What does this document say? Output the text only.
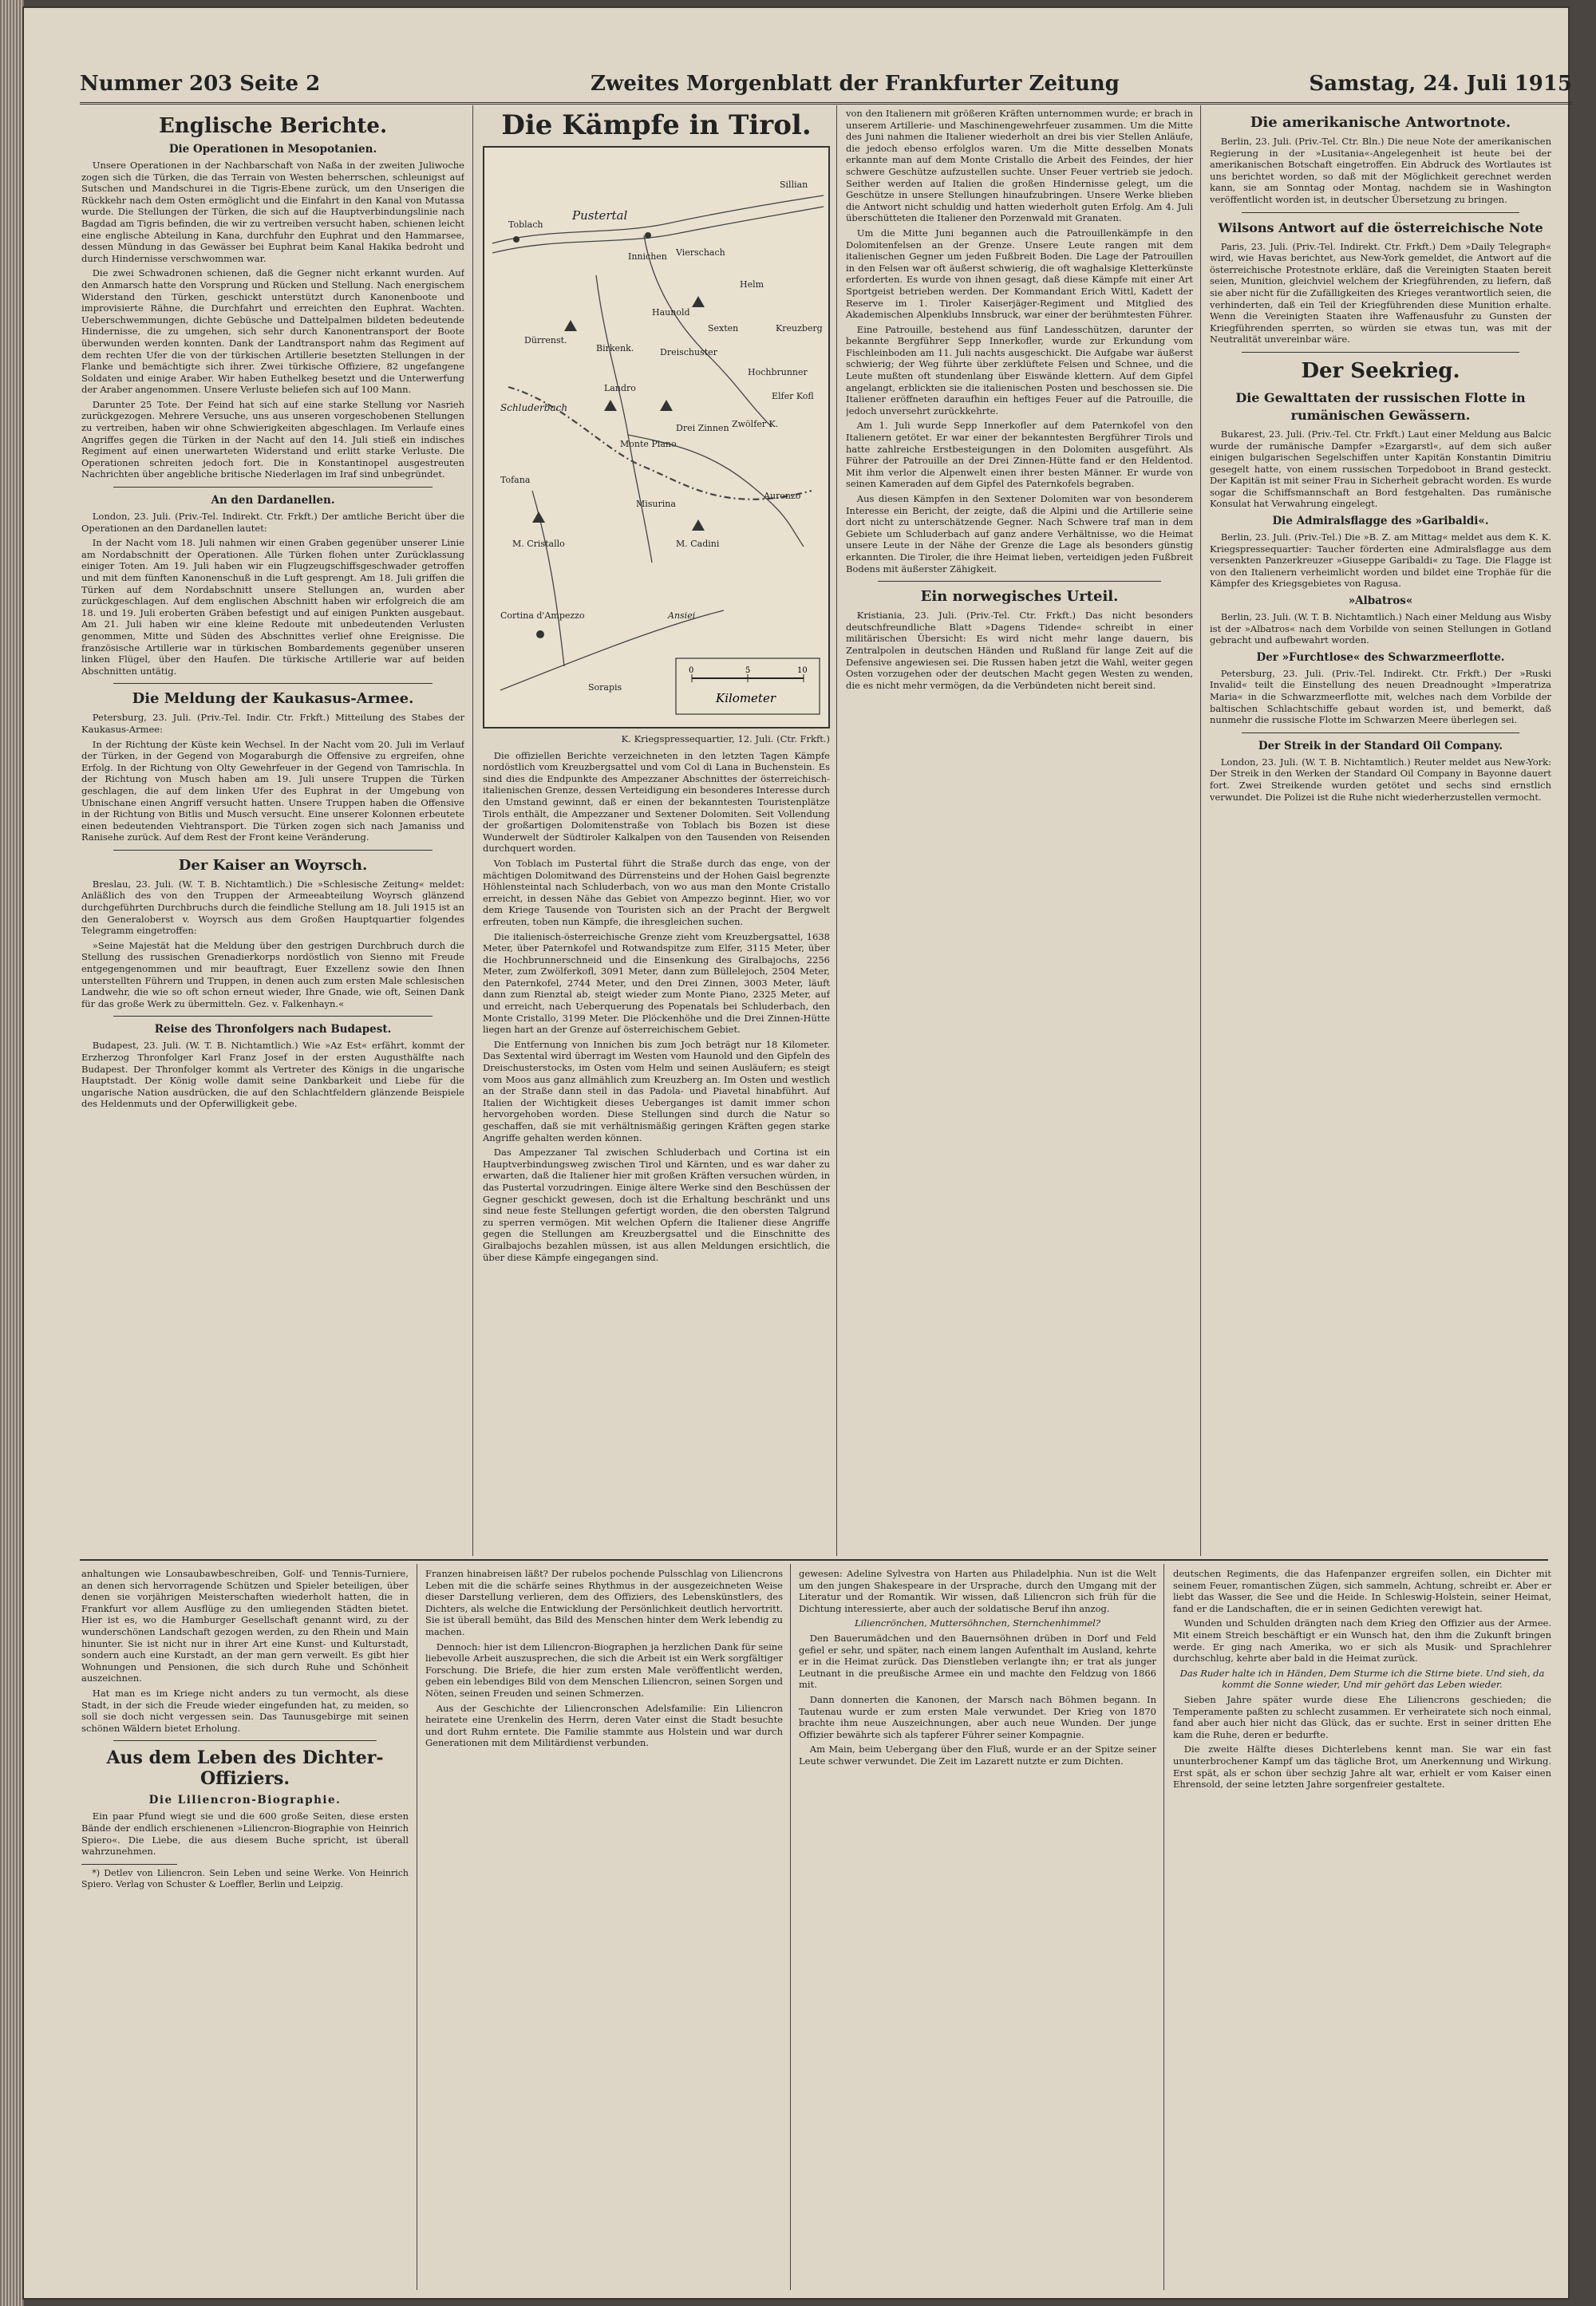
Nummer 203 Seite 2	Zweites Morgenblatt der Frankfurter Zeitung	Samstag, 24. Juli 1915
Englische Berichte.
Die Operationen in Mesopotanien.

Unsere Operationen in der Nachbarschaft von Naßa in der zweiten Juliwoche zogen sich die Türken, die das Terrain von Westen beherrschen, schleunigst auf Sutschen und Mandschurei in die Tigris-Ebene zurück, um den Unserigen die Rückkehr nach dem Osten ermöglicht und die Einfahrt in den Kanal von Mutassa wurde. Die Stellungen der Türken, die sich auf die Hauptverbindungslinie nach Bagdad am Tigris befinden, die wir zu vertreiben versucht haben, schienen leicht eine englische Abteilung in Kana, durchfuhr den Euphrat und den Hammarsee, dessen Mündung in das Gewässer bei Euphrat beim Kanal Hakika bedroht und durch Hindernisse verschwommen war.

Die zwei Schwadronen schienen, daß die Gegner nicht erkannt wurden. Auf den Anmarsch hatte den Vorsprung und Rücken und Stellung. Nach energischem Widerstand den Türken, geschickt unterstützt durch Kanonenboote und improvisierte Rähne, die Durchfahrt und erreichten den Euphrat. Wachten. Ueberschwemmungen, dichte Gebüsche und Dattelpalmen bildeten bedeutende Hindernisse, die zu umgehen, sich sehr durch Kanonentransport der Boote überwunden werden konnten. Dank der Landtransport nahm das Regiment auf dem rechten Ufer die von der türkischen Artillerie besetzten Stellungen in der Flanke und bemächtigte sich ihrer. Zwei türkische Offiziere, 82 ungefangene Soldaten und einige Araber. Wir haben Euthelkeg besetzt und die Unterwerfung der Araber angenommen. Unsere Verluste beliefen sich auf 100 Mann.

Darunter 25 Tote. Der Feind hat sich auf eine starke Stellung vor Nasrieh zurückgezogen. Mehrere Versuche, uns aus unseren vorgeschobenen Stellungen zu vertreiben, haben wir ohne Schwierigkeiten abgeschlagen. Im Verlaufe eines Angriffes gegen die Türken in der Nacht auf den 14. Juli stieß ein indisches Regiment auf einen unerwarteten Widerstand und erlitt starke Verluste. Die Operationen schreiten jedoch fort. Die in Konstantinopel ausgestreuten Nachrichten über angebliche britische Niederlagen im Iraf sind unbegründet.

An den Dardanellen.

London, 23. Juli. (Priv.-Tel. Indirekt. Ctr. Frkft.) Der amtliche Bericht über die Operationen an den Dardanellen lautet:

In der Nacht vom 18. Juli nahmen wir einen Graben gegenüber unserer Linie am Nordabschnitt der Operationen. Alle Türken flohen unter Zurücklassung einiger Toten. Am 19. Juli haben wir ein Flugzeugschiffsgeschwader getroffen und mit dem fünften Kanonenschuß in die Luft gesprengt. Am 18. Juli griffen die Türken auf dem Nordabschnitt unsere Stellungen an, wurden aber zurückgeschlagen. Auf dem englischen Abschnitt haben wir erfolgreich die am 18. und 19. Juli eroberten Gräben befestigt und auf einigen Punkten ausgebaut. Am 21. Juli haben wir eine kleine Redoute mit unbedeutenden Verlusten genommen, Mitte und Süden des Abschnittes verlief ohne Ereignisse. Die französische Artillerie war in türkischen Bombardements gegenüber unseren linken Flügel, über den Haufen. Die türkische Artillerie war auf beiden Abschnitten untätig.

Die Meldung der Kaukasus-Armee.

Petersburg, 23. Juli. (Priv.-Tel. Indir. Ctr. Frkft.) Mitteilung des Stabes der Kaukasus-Armee:

In der Richtung der Küste kein Wechsel. In der Nacht vom 20. Juli im Verlauf der Türken, in der Gegend von Mogaraburgh die Offensive zu ergreifen, ohne Erfolg. In der Richtung von Olty Gewehrfeuer in der Gegend von Tamrischla. In der Richtung von Musch haben am 19. Juli unsere Truppen die Türken geschlagen, die auf dem linken Ufer des Euphrat in der Umgebung von Ubnischane einen Angriff versucht hatten. Unsere Truppen haben die Offensive in der Richtung von Bitlis und Musch versucht. Eine unserer Kolonnen erbeutete einen bedeutenden Viehtransport. Die Türken zogen sich nach Jamaniss und Ranisehe zurück. Auf dem Rest der Front keine Veränderung.

Der Kaiser an Woyrsch.

Breslau, 23. Juli. (W. T. B. Nichtamtlich.) Die »Schlesische Zeitung« meldet: Anläßlich des von den Truppen der Armeeabteilung Woyrsch glänzend durchgeführten Durchbruchs durch die feindliche Stellung am 18. Juli 1915 ist an den Generaloberst v. Woyrsch aus dem Großen Hauptquartier folgendes Telegramm eingetroffen:

»Seine Majestät hat die Meldung über den gestrigen Durchbruch durch die Stellung des russischen Grenadierkorps nordöstlich von Sienno mit Freude entgegengenommen und mir beauftragt, Euer Exzellenz sowie den Ihnen unterstellten Führern und Truppen, in denen auch zum ersten Male schlesischen Landwehr, die wie so oft schon erneut wieder, Ihre Gnade, wie oft, Seinen Dank für das große Werk zu übermitteln. Gez. v. Falkenhayn.«

Reise des Thronfolgers nach Budapest.

Budapest, 23. Juli. (W. T. B. Nichtamtlich.) Wie »Az Est« erfährt, kommt der Erzherzog Thronfolger Karl Franz Josef in der ersten Augusthälfte nach Budapest. Der Thronfolger kommt als Vertreter des Königs in die ungarische Hauptstadt. Der König wolle damit seine Dankbarkeit und Liebe für die ungarische Nation ausdrücken, die auf den Schlachtfeldern glänzende Beispiele des Heldenmuts und der Opferwilligkeit gebe.

Die Kämpfe in Tirol.
Toblach
Pustertal
Sillian
Innichen Vierschach
Sexten
Helm
Hochbrunner
Haunold
Kreuzberg
Dreischuster
Birkenk.
Schluderbach
Dürrenst.
Monte Piano
Drei Zinnen Zwölfer K.
Elfer Kofl
Landro
Misurina
M. Cristallo	M. Cadini
Cortina d'Ampezzo
Tofana
Sorapis
Auronzo
Ansiei
0	5	10
Kilometer
K. Kriegspressequartier, 12. Juli. (Ctr. Frkft.)

Die offiziellen Berichte verzeichneten in den letzten Tagen Kämpfe nordöstlich vom Kreuzbergsattel und vom Col di Lana in Buchenstein. Es sind dies die Endpunkte des Ampezzaner Abschnittes der österreichisch-italienischen Grenze, dessen Verteidigung ein besonderes Interesse durch den Umstand gewinnt, daß er einen der bekanntesten Touristenplätze Tirols enthält, die Ampezzaner und Sextener Dolomiten. Seit Vollendung der großartigen Dolomitenstraße von Toblach bis Bozen ist diese Wunderwelt der Südtiroler Kalkalpen von den Tausenden von Reisenden durchquert worden.

Von Toblach im Pustertal führt die Straße durch das enge, von der mächtigen Dolomitwand des Dürrensteins und der Hohen Gaisl begrenzte Höhlensteintal nach Schluderbach, von wo aus man den Monte Cristallo erreicht, in dessen Nähe das Gebiet von Ampezzo beginnt. Hier, wo vor dem Kriege Tausende von Touristen sich an der Pracht der Bergwelt erfreuten, toben nun Kämpfe, die ihresgleichen suchen.

Die italienisch-österreichische Grenze zieht vom Kreuzbergsattel, 1638 Meter, über Paternkofel und Rotwandspitze zum Elfer, 3115 Meter, über die Hochbrunnerschneid und die Einsenkung des Giralbajochs, 2256 Meter, zum Zwölferkofl, 3091 Meter, dann zum Büllelejoch, 2504 Meter, den Paternkofel, 2744 Meter, und den Drei Zinnen, 3003 Meter, läuft dann zum Rienztal ab, steigt wieder zum Monte Piano, 2325 Meter, auf und erreicht, nach Ueberquerung des Popenatals bei Schluderbach, den Monte Cristallo, 3199 Meter. Die Plöckenhöhe und die Drei Zinnen-Hütte liegen hart an der Grenze auf österreichischem Gebiet.

Die Entfernung von Innichen bis zum Joch beträgt nur 18 Kilometer. Das Sextental wird überragt im Westen vom Haunold und den Gipfeln des Dreischusterstocks, im Osten vom Helm und seinen Ausläufern; es steigt vom Moos aus ganz allmählich zum Kreuzberg an. Im Osten und westlich an der Straße dann steil in das Padola- und Piavetal hinabführt. Auf Italien der Wichtigkeit dieses Ueberganges ist damit immer schon hervorgehoben worden. Diese Stellungen sind durch die Natur so geschaffen, daß sie mit verhältnismäßig geringen Kräften gegen starke Angriffe gehalten werden können.

Das Ampezzaner Tal zwischen Schluderbach und Cortina ist ein Hauptverbindungsweg zwischen Tirol und Kärnten, und es war daher zu erwarten, daß die Italiener hier mit großen Kräften versuchen würden, in das Pustertal vorzudringen. Einige ältere Werke sind den Beschüssen der Gegner geschickt gewesen, doch ist die Erhaltung beschränkt und uns sind neue feste Stellungen gefertigt worden, die den obersten Talgrund zu sperren vermögen. Mit welchen Opfern die Italiener diese Angriffe gegen die Stellungen am Kreuzbergsattel und die Einschnitte des Giralbajochs bezahlen müssen, ist aus allen Meldungen ersichtlich, die über diese Kämpfe eingegangen sind.

von den Italienern mit größeren Kräften unternommen wurde; er brach in unserem Artillerie- und Maschinengewehrfeuer zusammen. Um die Mitte des Juni nahmen die Italiener wiederholt an drei bis vier Stellen Anläufe, die jedoch ebenso erfolglos waren. Um die Mitte desselben Monats erkannte man auf dem Monte Cristallo die Arbeit des Feindes, der hier schwere Geschütze aufzustellen suchte. Unser Feuer vertrieb sie jedoch. Seither werden auf Italien die großen Hindernisse gelegt, um die Geschütze in unsere Stellungen hinaufzubringen. Unsere Werke blieben die Antwort nicht schuldig und hatten wiederholt guten Erfolg. Am 4. Juli überschütteten die Italiener den Porzenwald mit Granaten.

Um die Mitte Juni begannen auch die Patrouillenkämpfe in den Dolomitenfelsen an der Grenze. Unsere Leute rangen mit dem italienischen Gegner um jeden Fußbreit Boden. Die Lage der Patrouillen in den Felsen war oft äußerst schwierig, die oft waghalsige Kletterkünste erforderten. Es wurde von ihnen gesagt, daß diese Kämpfe mit einer Art Sportgeist betrieben werden. Der Kommandant Erich Wittl, Kadett der Reserve im 1. Tiroler Kaiserjäger-Regiment und Mitglied des Akademischen Alpenklubs Innsbruck, war einer der berühmtesten Führer.

Eine Patrouille, bestehend aus fünf Landesschützen, darunter der bekannte Bergführer Sepp Innerkofler, wurde zur Erkundung vom Fischleinboden am 11. Juli nachts ausgeschickt. Die Aufgabe war äußerst schwierig; der Weg führte über zerklüftete Felsen und Schnee, und die Leute mußten oft stundenlang über Eiswände klettern. Auf dem Gipfel angelangt, erblickten sie die italienischen Posten und beschossen sie. Die Italiener eröffneten daraufhin ein heftiges Feuer auf die Patrouille, die jedoch unversehrt zurückkehrte.

Am 1. Juli wurde Sepp Innerkofler auf dem Paternkofel von den Italienern getötet. Er war einer der bekanntesten Bergführer Tirols und hatte zahlreiche Erstbesteigungen in den Dolomiten ausgeführt. Als Führer der Patrouille an der Drei Zinnen-Hütte fand er den Heldentod. Mit ihm verlor die Alpenwelt einen ihrer besten Männer. Er wurde von seinen Kameraden auf dem Gipfel des Paternkofels begraben.

Aus diesen Kämpfen in den Sextener Dolomiten war von besonderem Interesse ein Bericht, der zeigte, daß die Alpini und die Artillerie seine dort nicht zu unterschätzende Gegner. Nach Schwere traf man in dem Gebiete um Schluderbach auf ganz andere Verhältnisse, wo die Heimat unsere Leute in der Nähe der Grenze die Lage als besonders günstig erkannten. Die Tiroler, die ihre Heimat lieben, verteidigen jeden Fußbreit Bodens mit äußerster Zähigkeit.

Ein norwegisches Urteil.

Kristiania, 23. Juli. (Priv.-Tel. Ctr. Frkft.) Das nicht besonders deutschfreundliche Blatt »Dagens Tidende« schreibt in einer militärischen Übersicht: Es wird nicht mehr lange dauern, bis Zentralpolen in deutschen Händen und Rußland für lange Zeit auf die Defensive angewiesen sei. Die Russen haben jetzt die Wahl, weiter gegen Osten vorzugehen oder der deutschen Macht gegen Westen zu wenden, die es nicht mehr vermögen, da die Verbündeten nicht bereit sind.

Die amerikanische Antwortnote.

Berlin, 23. Juli. (Priv.-Tel. Ctr. Bln.) Die neue Note der amerikanischen Regierung in der »Lusitania«-Angelegenheit ist heute bei der amerikanischen Botschaft eingetroffen. Ein Abdruck des Wortlautes ist uns berichtet worden, so daß mit der Möglichkeit gerechnet werden kann, sie am Sonntag oder Montag, nachdem sie in Washington veröffentlicht worden ist, in deutscher Übersetzung zu bringen.

Wilsons Antwort auf die österreichische Note

Paris, 23. Juli. (Priv.-Tel. Indirekt. Ctr. Frkft.) Dem »Daily Telegraph« wird, wie Havas berichtet, aus New-York gemeldet, die Antwort auf die österreichische Protestnote erkläre, daß die Vereinigten Staaten bereit seien, Munition, gleichviel welchem der Kriegführenden, zu liefern, daß sie aber nicht für die Zufälligkeiten des Krieges verantwortlich seien, die verhinderten, daß ein Teil der Kriegführenden diese Munition erhalte. Wenn die Vereinigten Staaten ihre Waffenausfuhr zu Gunsten der Kriegführenden sperrten, so würden sie etwas tun, was mit der Neutralität unvereinbar wäre.

Der Seekrieg.
Die Gewalttaten der russischen Flotte in rumänischen Gewässern.

Bukarest, 23. Juli. (Priv.-Tel. Ctr. Frkft.) Laut einer Meldung aus Balcic wurde der rumänische Dampfer »Ezargarstl«, auf dem sich außer einigen bulgarischen Segelschiffen unter Kapitän Konstantin Dimitriu gesegelt hatte, von einem russischen Torpedoboot in Brand gesteckt. Der Kapitän ist mit seiner Frau in Sicherheit gebracht worden. Es wurde sogar die Schiffsmannschaft an Bord festgehalten. Das rumänische Konsulat hat Verwahrung eingelegt.

Die Admiralsflagge des »Garibaldi«.

Berlin, 23. Juli. (Priv.-Tel.) Die »B. Z. am Mittag« meldet aus dem K. K. Kriegspressequartier: Taucher förderten eine Admiralsflagge aus dem versenkten Panzerkreuzer »Giuseppe Garibaldi« zu Tage. Die Flagge ist von den Italienern verheimlicht worden und bildet eine Trophäe für die Kämpfer des Kriegsgebietes von Ragusa.

»Albatros«

Berlin, 23. Juli. (W. T. B. Nichtamtlich.) Nach einer Meldung aus Wisby ist der »Albatros« nach dem Vorbilde von seinen Stellungen in Gotland gebracht und aufbewahrt worden.

Der »Furchtlose« des Schwarzmeerflotte.

Petersburg, 23. Juli. (Priv.-Tel. Indirekt. Ctr. Frkft.) Der »Ruski Invalid« teilt die Einstellung des neuen Dreadnought »Imperatriza Maria« in die Schwarzmeerflotte mit, welches nach dem Vorbilde der baltischen Schlachtschiffe gebaut worden ist, und bemerkt, daß nunmehr die russische Flotte im Schwarzen Meere überlegen sei.

Der Streik in der Standard Oil Company.

London, 23. Juli. (W. T. B. Nichtamtlich.) Reuter meldet aus New-York: Der Streik in den Werken der Standard Oil Company in Bayonne dauert fort. Zwei Streikende wurden getötet und sechs sind ernstlich verwundet. Die Polizei ist die Ruhe nicht wiederherzustellen vermocht.

anhaltungen wie Lonsaubawbeschreiben, Golf- und Tennis-Turniere, an denen sich hervorragende Schützen und Spieler beteiligen, über denen sie vorjährigen Meisterschaften wiederholt hatten, die in Frankfurt vor allem Ausflüge zu den umliegenden Städten bietet. Hier ist es, wo die Hamburger Gesellschaft genannt wird, zu der wunderschönen Landschaft gezogen werden, zu den Rhein und Main hinunter. Sie ist nicht nur in ihrer Art eine Kunst- und Kulturstadt, sondern auch eine Kurstadt, an der man gern verweilt. Es gibt hier Wohnungen und Pensionen, die sich durch Ruhe und Schönheit auszeichnen.

Hat man es im Kriege nicht anders zu tun vermocht, als diese Stadt, in der sich die Freude wieder eingefunden hat, zu meiden, so soll sie doch nicht vergessen sein. Das Taunusgebirge mit seinen schönen Wäldern bietet Erholung.

Aus dem Leben des Dichter-Offiziers.
Die Liliencron-Biographie.

Ein paar Pfund wiegt sie und die 600 große Seiten, diese ersten Bände der endlich erschienenen »Liliencron-Biographie von Heinrich Spiero«. Die Liebe, die aus diesem Buche spricht, ist überall wahrzunehmen.

*) Detlev von Liliencron. Sein Leben und seine Werke. Von Heinrich Spiero. Verlag von Schuster & Loeffler, Berlin und Leipzig.

Franzen hinabreisen läßt? Der rubelos pochende Pulsschlag von Liliencrons Leben mit die die schärfe seines Rhythmus in der ausgezeichneten Weise dieser Darstellung verlieren, dem des Offiziers, des Lebenskünstlers, des Dichters, als welche die Entwicklung der Persönlichkeit deutlich hervortritt. Sie ist überall bemüht, das Bild des Menschen hinter dem Werk lebendig zu machen.

Dennoch: hier ist dem Liliencron-Biographen ja herzlichen Dank für seine liebevolle Arbeit auszusprechen, die sich die Arbeit ist ein Werk sorgfältiger Forschung. Die Briefe, die hier zum ersten Male veröffentlicht werden, geben ein lebendiges Bild von dem Menschen Liliencron, seinen Sorgen und Nöten, seinen Freuden und seinen Schmerzen.

Aus der Geschichte der Liliencronschen Adelsfamilie: Ein Liliencron heiratete eine Urenkelin des Herrn, deren Vater einst die Stadt besuchte und dort Ruhm erntete. Die Familie stammte aus Holstein und war durch Generationen mit dem Militärdienst verbunden.

gewesen: Adeline Sylvestra von Harten aus Philadelphia. Nun ist die Welt um den jungen Shakespeare in der Ursprache, durch den Umgang mit der Literatur und der Romantik. Wir wissen, daß Liliencron sich früh für die Dichtung interessierte, aber auch der soldatische Beruf ihn anzog.

Liliencrönchen, Muttersöhnchen, Sternchenhimmel?

Den Bauerumädchen und den Bauernsöhnen drüben in Dorf und Feld gefiel er sehr, und später, nach einem langen Aufenthalt im Ausland, kehrte er in die Heimat zurück. Das Dienstleben verlangte ihn; er trat als junger Leutnant in die preußische Armee ein und machte den Feldzug von 1866 mit.

Dann donnerten die Kanonen, der Marsch nach Böhmen begann. In Tautenau wurde er zum ersten Male verwundet. Der Krieg von 1870 brachte ihm neue Auszeichnungen, aber auch neue Wunden. Der junge Offizier bewährte sich als tapferer Führer seiner Kompagnie.

Am Main, beim Uebergang über den Fluß, wurde er an der Spitze seiner Leute schwer verwundet. Die Zeit im Lazarett nutzte er zum Dichten.

deutschen Regiments, die das Hafenpanzer ergreifen sollen, ein Dichter mit seinem Feuer, romantischen Zügen, sich sammeln, Achtung, schreibt er. Aber er liebt das Wasser, die See und die Heide. In Schleswig-Holstein, seiner Heimat, fand er die Landschaften, die er in seinen Gedichten verewigt hat.

Wunden und Schulden drängten nach dem Krieg den Offizier aus der Armee. Mit einem Streich beschäftigt er ein Wunsch hat, den ihm die Zukunft bringen werde. Er ging nach Amerika, wo er sich als Musik- und Sprachlehrer durchschlug, kehrte aber bald in die Heimat zurück.

Das Ruder halte ich in Händen, Dem Sturme ich die Stirne biete. Und sieh, da kommt die Sonne wieder, Und mir gehört das Leben wieder.

Sieben Jahre später wurde diese Ehe Liliencrons geschieden; die Temperamente paßten zu schlecht zusammen. Er verheiratete sich noch einmal, fand aber auch hier nicht das Glück, das er suchte. Erst in seiner dritten Ehe kam die Ruhe, deren er bedurfte.

Die zweite Hälfte dieses Dichterlebens kennt man. Sie war ein fast ununterbrochener Kampf um das tägliche Brot, um Anerkennung und Wirkung. Erst spät, als er schon über sechzig Jahre alt war, erhielt er vom Kaiser einen Ehrensold, der seine letzten Jahre sorgenfreier gestaltete.
